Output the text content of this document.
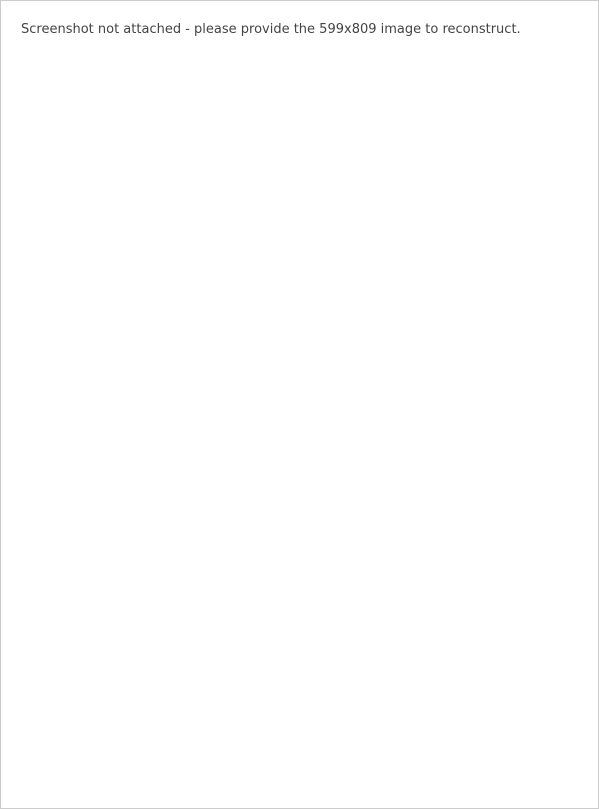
Screenshot not attached - please provide the 599x809 image to reconstruct.
